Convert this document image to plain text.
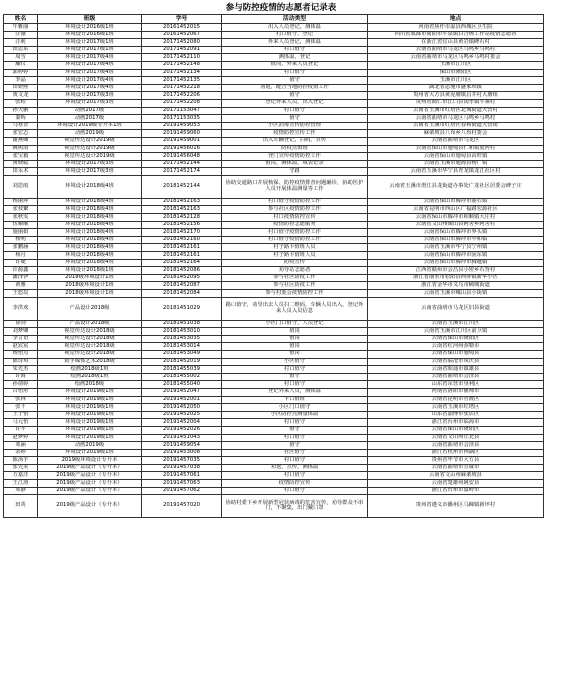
参与防控疫情的志愿者记录表
姓名	班级	学号	活动类型	地点
牛雅丽	环境设计2016级1班	20161452015	出入人员登记，测体温	河南省焦作市温县西城区卫生院
汪薇	环境设计2016级1班	20161452067	村口值守，登记	四川省成都市简阳市平泉镇白合场工作站疫情志愿者
汪莉	环境设计2017级1班	20171452080	外来人员登记，测体温	在浙江省宜山县黄岩镇碑石村
田思东	环境设计2017级1班	20171452091	村口值守	云南省曲靖市马龙区马鸣乡马鸣村
周雪	环境设计2017级4班	20171452110	测体温，登记	云南省曲靖市马龙区马鸣乡马鸣村委会
瀚仪	环境设计2017级4班	20171452148	值岗，外来人员登记	玉溪市江川区
郭婷婷	环境设计2017级4班	20171452134	村口值守	保山市隆阳区
李晶	环境设计2017级4班	20171452135	值守	玉溪市江川区
田妍熙	环境设计2017级4班	20171452218	劝返，配合当地防控疫情工作	湖北省恩施市盛家坝镇
黄文龙	环境设计2017级3班	20171452206	值守	贵州省大方县黄泥塘镇昌井村大塘组
张程	环境设计2017级3班	20171452208	登记外来人员，出入登记	贵州省铜仁市江口县闵孝镇平寨村
孙天鹏	动画2017级	20171153047	村口值守	云南省玉溪市红塔区北城街道大营村
秦辉	动画2017级	20171153035	值守	云南省曲靖市马龙区马鸣乡马鸣村
马寒青	环境设计2019级专升本1班	20191459053	小区消毒宣传防控管理	云南省玉溪市红塔区春和街道大营街
张宏志	动画2019级	20191459060	疫情防控宣传工作	麻栗坡县八布乡八布村委会
谢燕卿	视觉传达设计2019级	20191459001	出入车辆登记，扫码，宣传	云南省曲靖市马龙区
姚树清	视觉传达设计2019级	20191456016	防疫点值班	云南省保山市施甸县仁和镇夏河村
张宝毅	视觉传达设计2019级	20191456048	登门宣传疫情防控工作	云南省保山市施甸县由旺镇
黄晓聪	环境设计2017级3班	20171452144	值岗，测体温，填表记录	云南省玉溪市通海县杨广镇
田永术	环境设计2017级3班	20171452174	守路	云南省玉溪市华宁县青龙镇龙江社区村
刘思雨	环境设计2018级4班	20181452144	协助交通路口并展核保、防控疫情排查问题确诊，协助医护人员开展体温测量等工作	云南省玉溪市澄江县龙街道办事处广龙社区居委会碑子庄
杨丽萍	环境设计2018级4班	20181452163	村口值守疫情防控工作	云南省保山市腾冲市曲石镇
张枝繁	环境设计2018级4班	20181452163	参与社区疫情防控工作	云南省昆明市西山区广福路宏源社区
张秋雯	环境设计2018级4班	20181452128	村口疫情防控宣传	云南省保山市腾冲市和顺镇大庄村
伍顺顺	环境设计2018级4班	20181452156	疫情防控志愿服务	云南省文山州砚山县阿舍乡阿舍村
施丽娟	环境设计2018级4班	20181452170	村口值守疫情防控工作	云南省保山市腾冲市界头镇
杨明	环境设计2018级4班	20181452160	村口值守疫情防控工作	云南省保山市腾冲市中和镇
张鹏涵	环境设计2018级4班	20181452161	村子路卡值班人员	云南省玉溪市华宁县宁州镇
杨月	环境设计2018级4班	20181452161	村子路卡值班人员	云南省保山市腾冲市固东镇
许婕	环境设计2018级4班	20181452164	防疫宣传	云南省保山市腾冲市腾越镇
许源鑫	环境设计2018级1班	20181452086	劝导站志愿者	江西省赣州市会昌县小密乡石背村
潘泽伊	2018级环境设计1班	20181452095	参与社区防疫工作	浙江省丽水市松阳县西屏镇新华小区
黄雅	2018级环境设计1班	20181452087	参与社区防疫工作	浙江省金华市义乌市稠城街道
王悠辰	2018级环境设计1班	20181452084	参与村委会疫情防控工作	云南省玉溪市峨山县小街镇
李洪欢	产品设计2018级	20181451029	路口值守，劝导出去人员扫二维码，车辆人员出入，登记外来人员入员信息	云南省曲靖市马龙区旧县街道
徐剑	产品设计2018级	20181451038	小区门口值守，人员登记	云南省玉溪市江川区
刘梦卿	视觉传达设计2018级	20181453010	值岗	云南省玉溪市江川区前卫镇
李言语	视觉传达设计2018级	20181453035	值岗	云南省保山市隆阳区
赵宸宸	视觉传达设计2018级	20181453014	值岗	云南省红河州弥勒市
杨怡点	视觉传达设计2018级	20181453049	值岗	云南省保山市施甸县
陈诗琪	数字媒体艺术2018级	20181452019	小区值守	云南省临沧市凤庆县
朱先杰	绘画2018级1班	20181455039	村口值守	云南省昭通市镇雄县
许海	绘画2018级1班	20181455002	值守	云南省曲靖市会泽县
孙倩婷	绘画2018级	20181455040	村口值守	山东省东营市垦利区
吕怡彤	环境设计2019级1班	20191452047	登记外来人员，测体温	河南省洛阳市偃师市
张林	环境设计2019级1班	20191452001	卡口值班	云南省昆明市官渡区
张千	环境设计2019级1班	20191452050	小区门口值守	云南省玉溪市红塔区
王子怡	环境设计2019级1班	20191452025	小区防控点测量体温	山东省淄博市张店区
马元怡	环境设计2019级1班	20191452004	村口值守	浙江省台州市临海市
许平	环境设计2019级1班	20191452026	值守	云南省保山市隆阳区
赵梦婷	环境设计2019级1班	20191451043	村口值守	云南省文山州丘北县
邓涵	动画2019级	20191459054	值守	云南省曲靖市会泽县
余婷	环境设计2019级1班	20191453008	社区值守	浙江省杭州市西湖区
陈汤芋	2019级环境设计专升本	20191457035	村口值守	贵州省毕节市大方县
张先美	2019级产品设计（专升本）	20191457038	劝返，宣传，测体温	云南省曲靖市宣威市
方嘉洋	2019级产品设计（专升本）	20191457061	村口值守	云南省文山州麻栗坡县
王江涛	2019级产品设计（专升本）	20191457063	疫情防控宣传	云南省楚雄州姚安县
邓静	2019级产品设计（专升本）	20191457062	村口值守	浙江省台州市温岭市
田英	2019级产品设计（专升本）	20191457020	协助村委下乡开展新型冠状病毒的危害宣传，劝导群众不串门，不聚集，出门戴口罩	贵州省遵义市播州区马蹄镇新坪村
